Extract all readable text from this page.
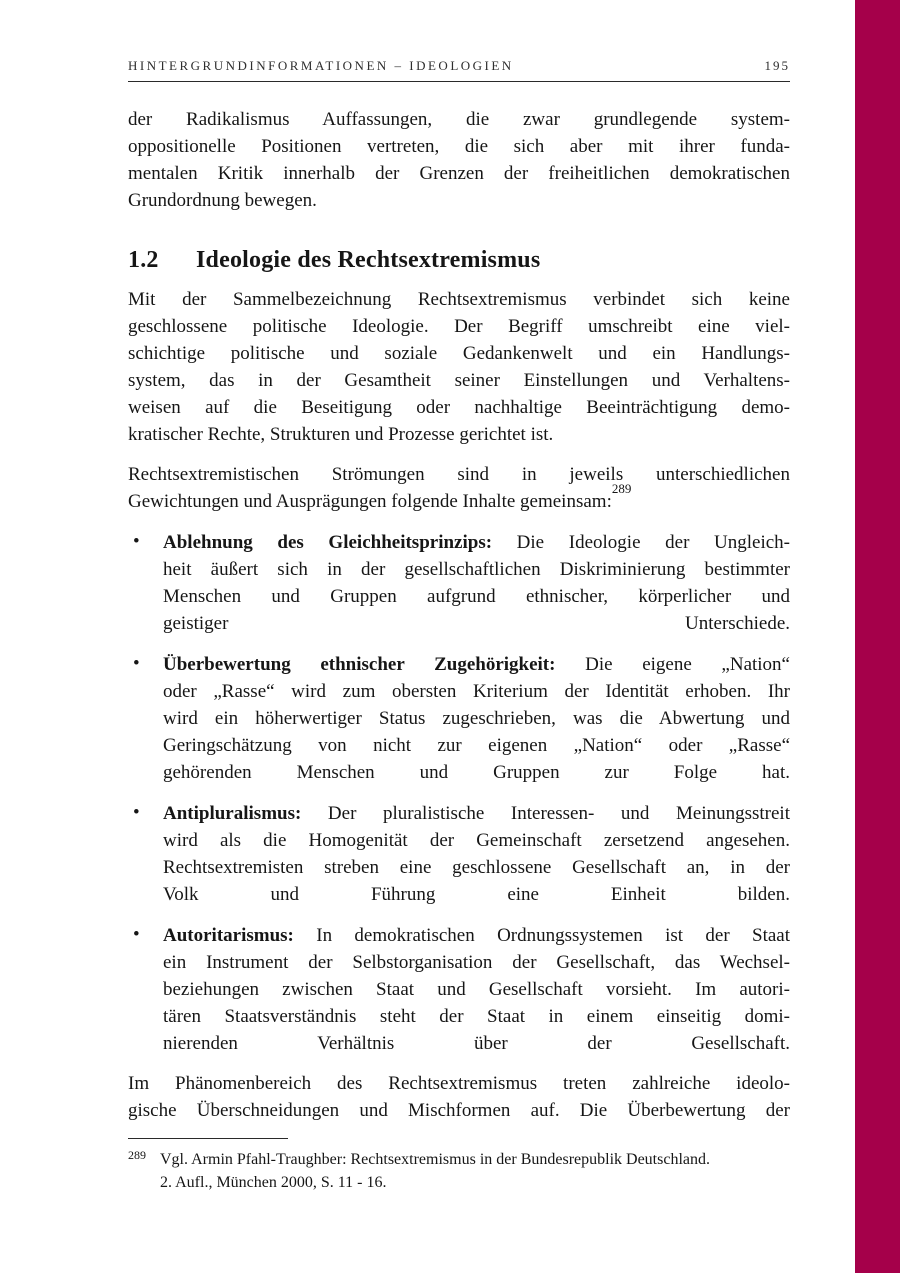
HINTERGRUNDINFORMATIONEN – IDEOLOGIEN	195

der Radikalismus Auffassungen, die zwar grundlegende system-
oppositionelle Positionen vertreten, die sich aber mit ihrer funda-
mentalen Kritik innerhalb der Grenzen der freiheitlichen demokratischen
Grundordnung bewegen.

1.2 Ideologie des Rechtsextremismus

Mit der Sammelbezeichnung Rechtsextremismus verbindet sich keine
geschlossene politische Ideologie. Der Begriff umschreibt eine viel-
schichtige politische und soziale Gedankenwelt und ein Handlungs-
system, das in der Gesamtheit seiner Einstellungen und Verhaltens-
weisen auf die Beseitigung oder nachhaltige Beeinträchtigung demo-
kratischer Rechte, Strukturen und Prozesse gerichtet ist.

Rechtsextremistischen Strömungen sind in jeweils unterschiedlichen
Gewichtungen und Ausprägungen folgende Inhalte gemeinsam:$^{289}$

• Ablehnung des Gleichheitsprinzips: Die Ideologie der Ungleich-
heit äußert sich in der gesellschaftlichen Diskriminierung bestimmter
Menschen und Gruppen aufgrund ethnischer, körperlicher und
geistiger Unterschiede.
• Überbewertung ethnischer Zugehörigkeit: Die eigene „Nation“
oder „Rasse“ wird zum obersten Kriterium der Identität erhoben. Ihr
wird ein höherwertiger Status zugeschrieben, was die Abwertung und
Geringschätzung von nicht zur eigenen „Nation“ oder „Rasse“
gehörenden Menschen und Gruppen zur Folge hat.
• Antipluralismus: Der pluralistische Interessen- und Meinungsstreit
wird als die Homogenität der Gemeinschaft zersetzend angesehen.
Rechtsextremisten streben eine geschlossene Gesellschaft an, in der
Volk und Führung eine Einheit bilden.
• Autoritarismus: In demokratischen Ordnungssystemen ist der Staat
ein Instrument der Selbstorganisation der Gesellschaft, das Wechsel-
beziehungen zwischen Staat und Gesellschaft vorsieht. Im autori-
tären Staatsverständnis steht der Staat in einem einseitig domi-
nierenden Verhältnis über der Gesellschaft.

Im Phänomenbereich des Rechtsextremismus treten zahlreiche ideolo-
gische Überschneidungen und Mischformen auf. Die Überbewertung der

$^{289}$ Vgl. Armin Pfahl-Traughber: Rechtsextremismus in der Bundesrepublik Deutschland.
2. Aufl., München 2000, S. 11 - 16.
